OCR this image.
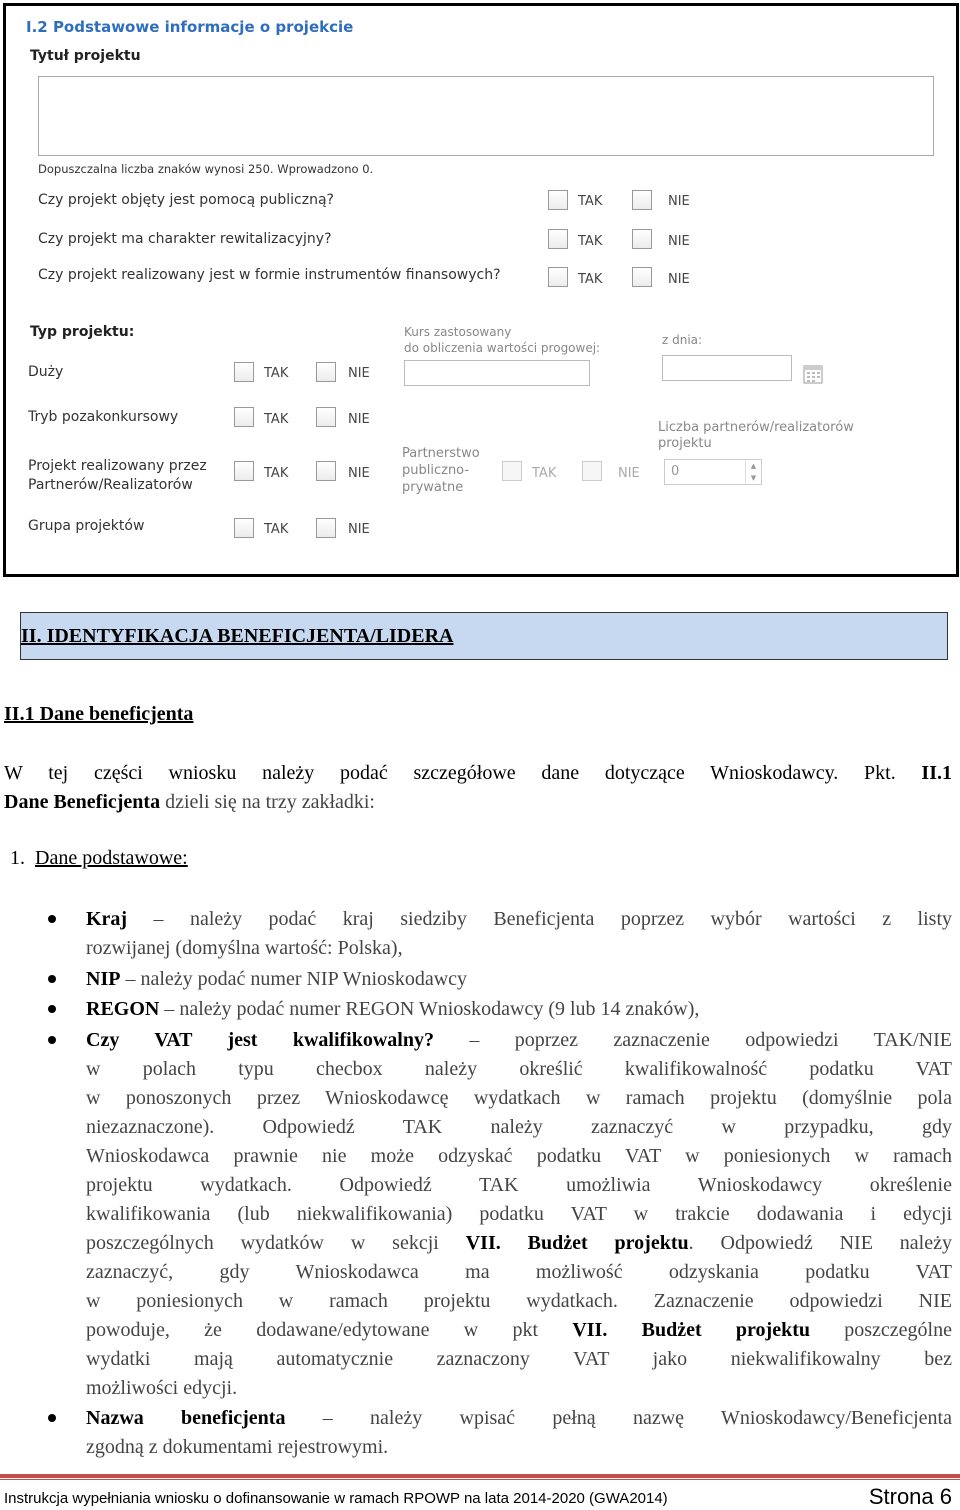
I.2 Podstawowe informacje o projekcie
Tytuł projektu
Dopuszczalna liczba znaków wynosi 250. Wprowadzono 0.
Czy projekt objęty jest pomocą publiczną?	TAK	NIE
Czy projekt ma charakter rewitalizacyjny?	TAK	NIE
Czy projekt realizowany jest w formie instrumentów finansowych?	TAK	NIE
Typ projektu:
Duży	TAK	NIE
Kurs zastosowany
do obliczenia wartości progowej:
z dnia:
Tryb pozakonkursowy	TAK	NIE
Liczba partnerów/realizatorów
projektu
Projekt realizowany przez
Partnerów/Realizatorów
TAK	NIE
Partnerstwo
publiczno-
prywatne
TAK	NIE	0	▲
▼
Grupa projektów	TAK	NIE
II. IDENTYFIKACJA BENEFICJENTA/LIDERA
II.1 Dane beneficjenta
W tej części wniosku należy podać szczegółowe dane dotyczące Wnioskodawcy. Pkt. II.1
Dane Beneficjenta dzieli się na trzy zakładki:
1. Dane podstawowe:
Kraj – należy podać kraj siedziby Beneficjenta poprzez wybór wartości z listy
rozwijanej (domyślna wartość: Polska),
NIP – należy podać numer NIP Wnioskodawcy
REGON – należy podać numer REGON Wnioskodawcy (9 lub 14 znaków),
Czy VAT jest kwalifikowalny? – poprzez zaznaczenie odpowiedzi TAK/NIE
w polach typu checbox należy określić kwalifikowalność podatku VAT
w ponoszonych przez Wnioskodawcę wydatkach w ramach projektu (domyślnie pola
niezaznaczone). Odpowiedź TAK należy zaznaczyć w przypadku, gdy
Wnioskodawca prawnie nie może odzyskać podatku VAT w poniesionych w ramach
projektu wydatkach. Odpowiedź TAK umożliwia Wnioskodawcy określenie
kwalifikowania (lub niekwalifikowania) podatku VAT w trakcie dodawania i edycji
poszczególnych wydatków w sekcji VII. Budżet projektu. Odpowiedź NIE należy
zaznaczyć, gdy Wnioskodawca ma możliwość odzyskania podatku VAT
w poniesionych w ramach projektu wydatkach. Zaznaczenie odpowiedzi NIE
powoduje, że dodawane/edytowane w pkt VII. Budżet projektu poszczególne
wydatki mają automatycznie zaznaczony VAT jako niekwalifikowalny bez
możliwości edycji.
Nazwa beneficjenta – należy wpisać pełną nazwę Wnioskodawcy/Beneficjenta
zgodną z dokumentami rejestrowymi.
Instrukcja wypełniania wniosku o dofinansowanie w ramach RPOWP na lata 2014-2020 (GWA2014)	Strona 6
